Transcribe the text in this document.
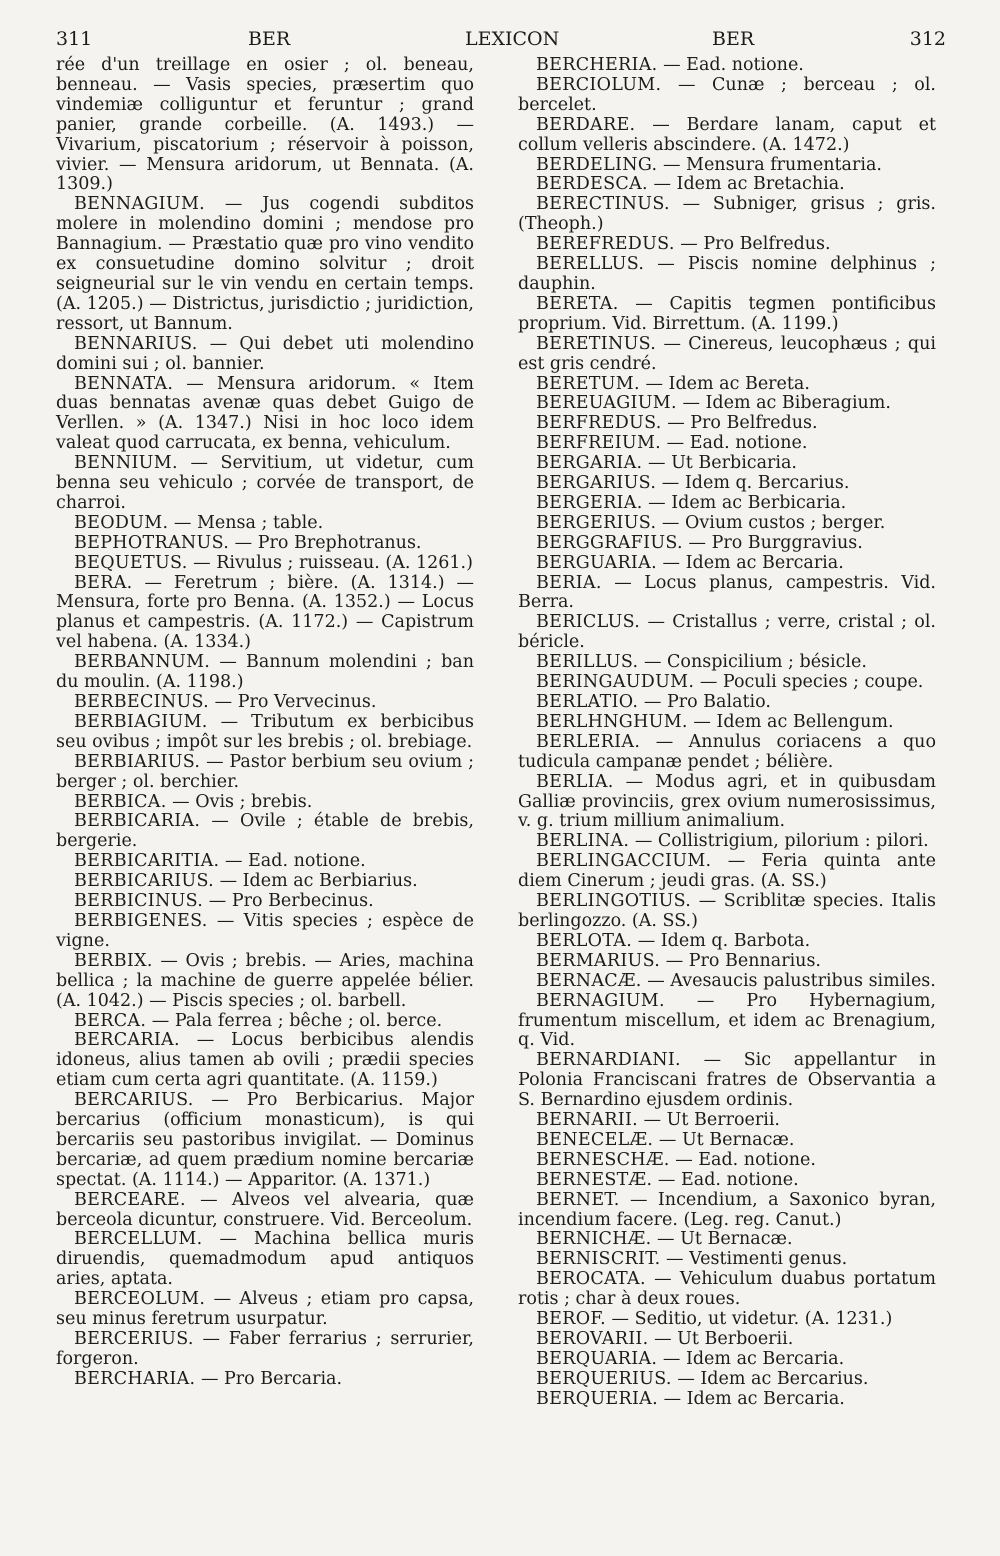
311	BER	LEXICON	BER	312

rée d'un treillage en osier ; ol. beneau, benneau. — Vasis species, præsertim quo vindemiæ colliguntur et feruntur ; grand panier, grande corbeille. (A. 1493.) — Vivarium, piscatorium ; réservoir à poisson, vivier. — Mensura aridorum, ut Bennata. (A. 1309.)

BENNAGIUM. — Jus cogendi subditos molere in molendino domini ; mendose pro Bannagium. — Præstatio quæ pro vino vendito ex consuetudine domino solvitur ; droit seigneurial sur le vin vendu en certain temps. (A. 1205.) — Districtus, jurisdictio ; juridiction, ressort, ut Bannum.

BENNARIUS. — Qui debet uti molendino domini sui ; ol. bannier.

BENNATA. — Mensura aridorum. « Item duas bennatas avenæ quas debet Guigo de Verllen. » (A. 1347.) Nisi in hoc loco idem valeat quod carrucata, ex benna, vehiculum.

BENNIUM. — Servitium, ut videtur, cum benna seu vehiculo ; corvée de transport, de charroi.

BEODUM. — Mensa ; table.

BEPHOTRANUS. — Pro Brephotranus.

BEQUETUS. — Rivulus ; ruisseau. (A. 1261.)

BERA. — Feretrum ; bière. (A. 1314.) — Mensura, forte pro Benna. (A. 1352.) — Locus planus et campestris. (A. 1172.) — Capistrum vel habena. (A. 1334.)

BERBANNUM. — Bannum molendini ; ban du moulin. (A. 1198.)

BERBECINUS. — Pro Vervecinus.

BERBIAGIUM. — Tributum ex berbicibus seu ovibus ; impôt sur les brebis ; ol. brebiage.

BERBIARIUS. — Pastor berbium seu ovium ; berger ; ol. berchier.

BERBICA. — Ovis ; brebis.

BERBICARIA. — Ovile ; étable de brebis, bergerie.

BERBICARITIA. — Ead. notione.

BERBICARIUS. — Idem ac Berbiarius.

BERBICINUS. — Pro Berbecinus.

BERBIGENES. — Vitis species ; espèce de vigne.

BERBIX. — Ovis ; brebis. — Aries, machina bellica ; la machine de guerre appelée bélier. (A. 1042.) — Piscis species ; ol. barbell.

BERCA. — Pala ferrea ; bêche ; ol. berce.

BERCARIA. — Locus berbicibus alendis idoneus, alius tamen ab ovili ; prædii species etiam cum certa agri quantitate. (A. 1159.)

BERCARIUS. — Pro Berbicarius. Major bercarius (officium monasticum), is qui bercariis seu pastoribus invigilat. — Dominus bercariæ, ad quem prædium nomine bercariæ spectat. (A. 1114.) — Apparitor. (A. 1371.)

BERCEARE. — Alveos vel alvearia, quæ berceola dicuntur, construere. Vid. Berceolum.

BERCELLUM. — Machina bellica muris diruendis, quemadmodum apud antiquos aries, aptata.

BERCEOLUM. — Alveus ; etiam pro capsa, seu minus feretrum usurpatur.

BERCERIUS. — Faber ferrarius ; serrurier, forgeron.

BERCHARIA. — Pro Bercaria.

BERCHERIA. — Ead. notione.

BERCIOLUM. — Cunæ ; berceau ; ol. bercelet.

BERDARE. — Berdare lanam, caput et collum velleris abscindere. (A. 1472.)

BERDELING. — Mensura frumentaria.

BERDESCA. — Idem ac Bretachia.

BERECTINUS. — Subniger, grisus ; gris. (Theoph.)

BEREFREDUS. — Pro Belfredus.

BERELLUS. — Piscis nomine delphinus ; dauphin.

BERETA. — Capitis tegmen pontificibus proprium. Vid. Birrettum. (A. 1199.)

BERETINUS. — Cinereus, leucophæus ; qui est gris cendré.

BERETUM. — Idem ac Bereta.

BEREUAGIUM. — Idem ac Biberagium.

BERFREDUS. — Pro Belfredus.

BERFREIUM. — Ead. notione.

BERGARIA. — Ut Berbicaria.

BERGARIUS. — Idem q. Bercarius.

BERGERIA. — Idem ac Berbicaria.

BERGERIUS. — Ovium custos ; berger.

BERGGRAFIUS. — Pro Burggravius.

BERGUARIA. — Idem ac Bercaria.

BERIA. — Locus planus, campestris. Vid. Berra.

BERICLUS. — Cristallus ; verre, cristal ; ol. béricle.

BERILLUS. — Conspicilium ; bésicle.

BERINGAUDUM. — Poculi species ; coupe.

BERLATIO. — Pro Balatio.

BERLHNGHUM. — Idem ac Bellengum.

BERLERIA. — Annulus coriacens a quo tudicula campanæ pendet ; bélière.

BERLIA. — Modus agri, et in quibusdam Galliæ provinciis, grex ovium numerosissimus, v. g. trium millium animalium.

BERLINA. — Collistrigium, pilorium : pilori.

BERLINGACCIUM. — Feria quinta ante diem Cinerum ; jeudi gras. (A. SS.)

BERLINGOTIUS. — Scriblitæ species. Italis berlingozzo. (A. SS.)

BERLOTA. — Idem q. Barbota.

BERMARIUS. — Pro Bennarius.

BERNACÆ. — Avesaucis palustribus similes.

BERNAGIUM. — Pro Hybernagium, frumentum miscellum, et idem ac Brenagium, q. Vid.

BERNARDIANI. — Sic appellantur in Polonia Franciscani fratres de Observantia a S. Bernardino ejusdem ordinis.

BERNARII. — Ut Berroerii.

BENECELÆ. — Ut Bernacæ.

BERNESCHÆ. — Ead. notione.

BERNESTÆ. — Ead. notione.

BERNET. — Incendium, a Saxonico byran, incendium facere. (Leg. reg. Canut.)

BERNICHÆ. — Ut Bernacæ.

BERNISCRIT. — Vestimenti genus.

BEROCATA. — Vehiculum duabus portatum rotis ; char à deux roues.

BEROF. — Seditio, ut videtur. (A. 1231.)

BEROVARII. — Ut Berboerii.

BERQUARIA. — Idem ac Bercaria.

BERQUERIUS. — Idem ac Bercarius.

BERQUERIA. — Idem ac Bercaria.
